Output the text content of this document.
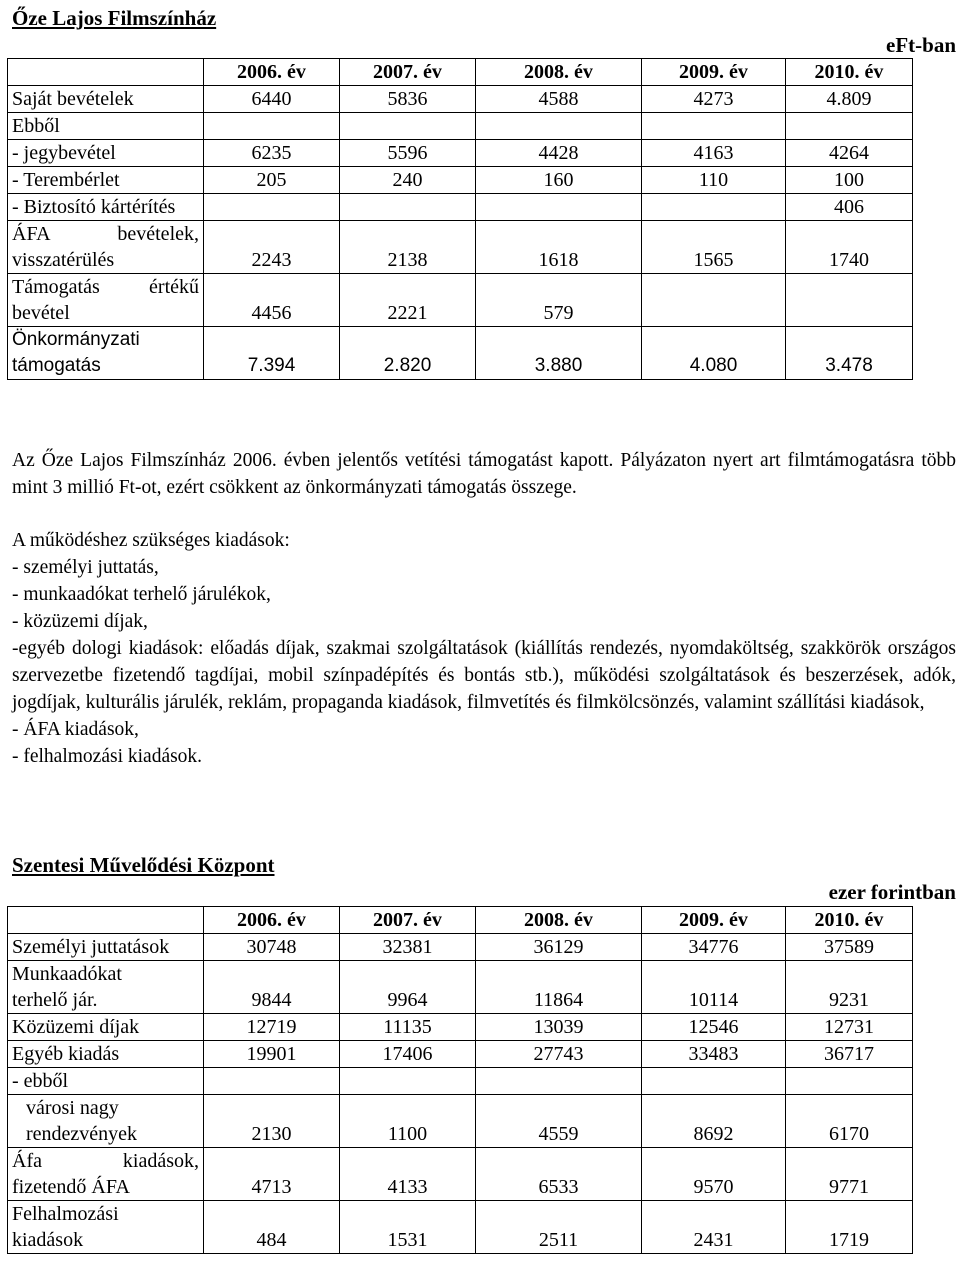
Őze Lajos Filmszínház
eFt-ban
	2006. év	2007. év	2008. év	2009. év	2010. év
Saját bevételek	6440	5836	4588	4273	4.809
Ebből					
- jegybevétel	6235	5596	4428	4163	4264
- Terembérlet	205	240	160	110	100
- Biztosító kártérítés					406
ÁFA bevételek, visszatérülés	2243	2138	1618	1565	1740
Támogatás értékű bevétel	4456	2221	579		
Önkormányzati támogatás	7.394	2.820	3.880	4.080	3.478
Az Őze Lajos Filmszínház 2006. évben jelentős vetítési támogatást kapott. Pályázaton nyert art filmtámogatásra több mint 3 millió Ft-ot, ezért csökkent az önkormányzati támogatás összege.

A működéshez szükséges kiadások:

- személyi juttatás,

- munkaadókat terhelő járulékok,

- közüzemi díjak,

-egyéb dologi kiadások: előadás díjak, szakmai szolgáltatások (kiállítás rendezés, nyomdaköltség, szakkörök országos szervezetbe fizetendő tagdíjai, mobil színpadépítés és bontás stb.), működési szolgáltatások és beszerzések, adók, jogdíjak, kulturális járulék, reklám, propaganda kiadások, filmvetítés és filmkölcsönzés, valamint szállítási kiadások,

- ÁFA kiadások,

- felhalmozási kiadások.

Szentesi Művelődési Központ
ezer forintban
	2006. év	2007. év	2008. év	2009. év	2010. év
Személyi juttatások	30748	32381	36129	34776	37589
Munkaadókat terhelő jár.	9844	9964	11864	10114	9231
Közüzemi díjak	12719	11135	13039	12546	12731
Egyéb kiadás	19901	17406	27743	33483	36717
- ebből					
városi nagy rendezvények	2130	1100	4559	8692	6170
Áfa kiadások, fizetendő ÁFA	4713	4133	6533	9570	9771
Felhalmozási kiadások	484	1531	2511	2431	1719
